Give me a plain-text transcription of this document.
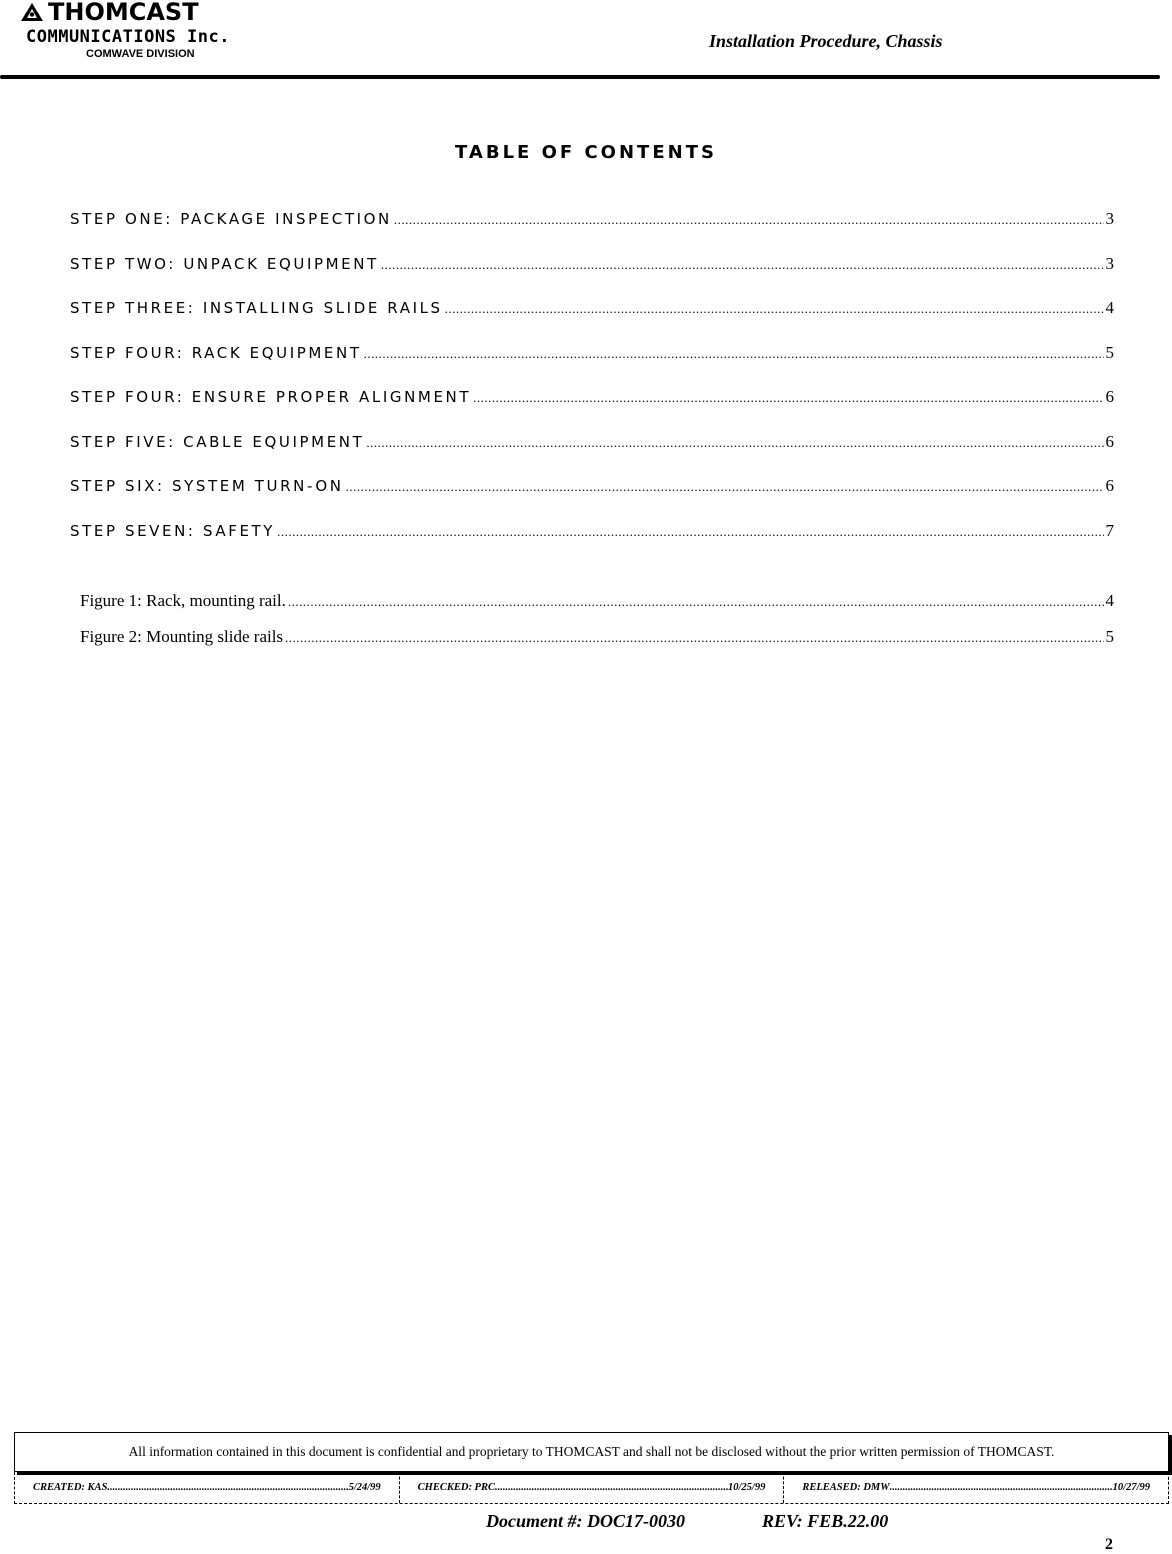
THOMCAST
COMMUNICATIONS Inc.
COMWAVE DIVISION
Installation Procedure, Chassis
TABLE OF CONTENTS
STEP ONE: PACKAGE INSPECTION .....	3
STEP TWO: UNPACK EQUIPMENT .....	3
STEP THREE: INSTALLING SLIDE RAILS .....	4
STEP FOUR: RACK EQUIPMENT .....	5
STEP FOUR: ENSURE PROPER ALIGNMENT .....	6
STEP FIVE: CABLE EQUIPMENT .....	6
STEP SIX: SYSTEM TURN-ON .....	6
STEP SEVEN: SAFETY .....	7
Figure 1: Rack, mounting rail. .....	4
Figure 2: Mounting slide rails .....	5
All information contained in this document is confidential and proprietary to THOMCAST and shall not be disclosed without the prior written permission of THOMCAST.
CREATED: KAS .....	5/24/99	CHECKED: PRC .....	10/25/99	RELEASED: DMW .....	10/27/99
Document #: DOC17-0030	REV: FEB.22.00
2
